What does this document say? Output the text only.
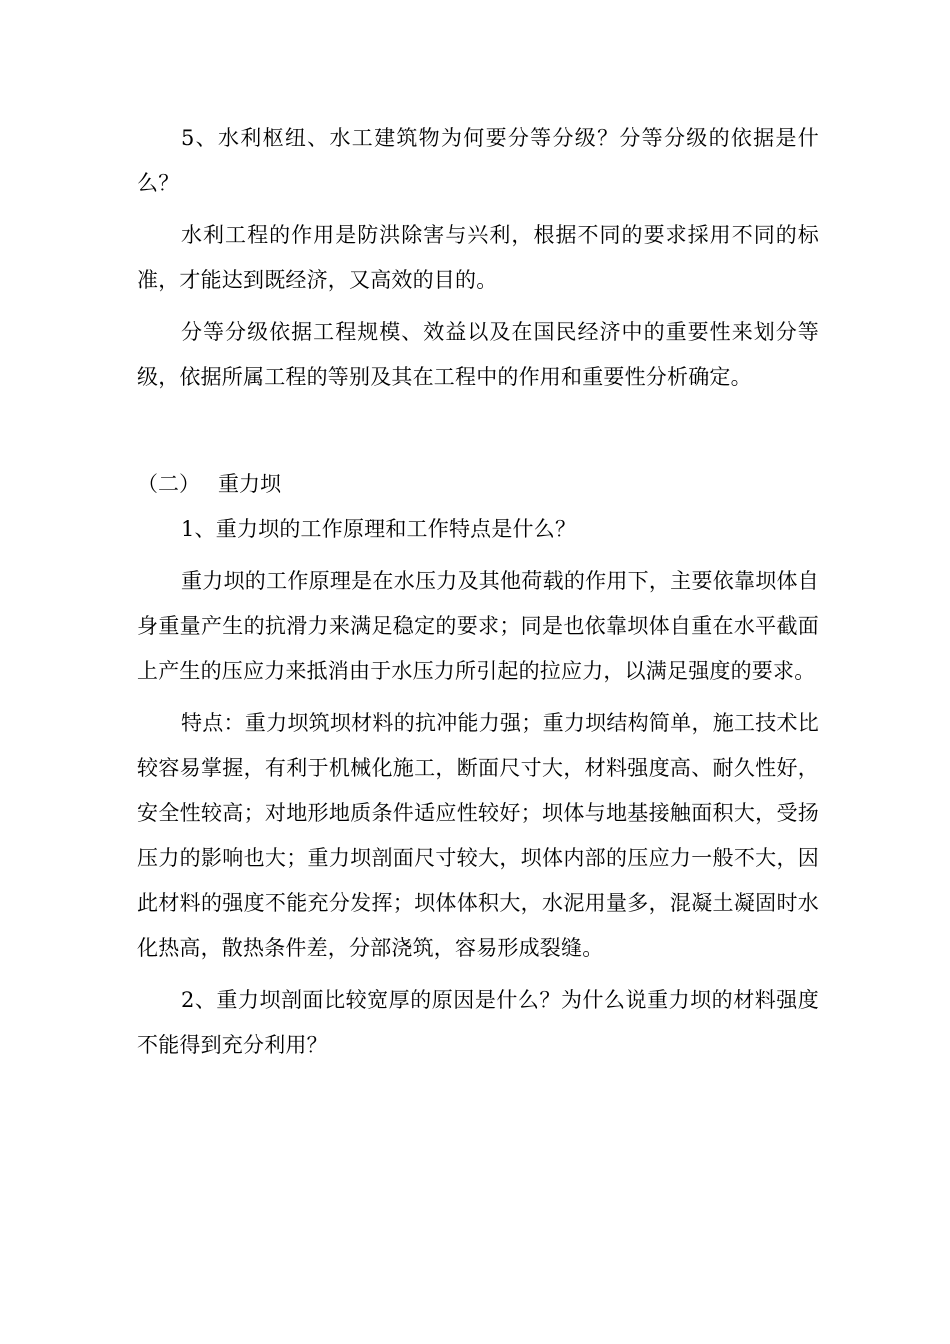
5、水利枢纽、水工建筑物为何要分等分级？分等分级的依据是什么？

水利工程的作用是防洪除害与兴利，根据不同的要求採用不同的标准，才能达到既经济，又高效的目的。

分等分级依据工程规模、效益以及在国民经济中的重要性来划分等级，依据所属工程的等别及其在工程中的作用和重要性分析确定。

（二） 重力坝

1、重力坝的工作原理和工作特点是什么？

重力坝的工作原理是在水压力及其他荷载的作用下，主要依靠坝体自身重量产生的抗滑力来满足稳定的要求；同是也依靠坝体自重在水平截面上产生的压应力来抵消由于水压力所引起的拉应力，以满足强度的要求。

特点：重力坝筑坝材料的抗冲能力强；重力坝结构简单，施工技术比较容易掌握，有利于机械化施工，断面尺寸大，材料强度高、耐久性好，安全性较高；对地形地质条件适应性较好；坝体与地基接触面积大，受扬压力的影响也大；重力坝剖面尺寸较大，坝体内部的压应力一般不大，因此材料的强度不能充分发挥；坝体体积大，水泥用量多，混凝土凝固时水化热高，散热条件差，分部浇筑，容易形成裂缝。

2、重力坝剖面比较宽厚的原因是什么？为什么说重力坝的材料强度不能得到充分利用？
